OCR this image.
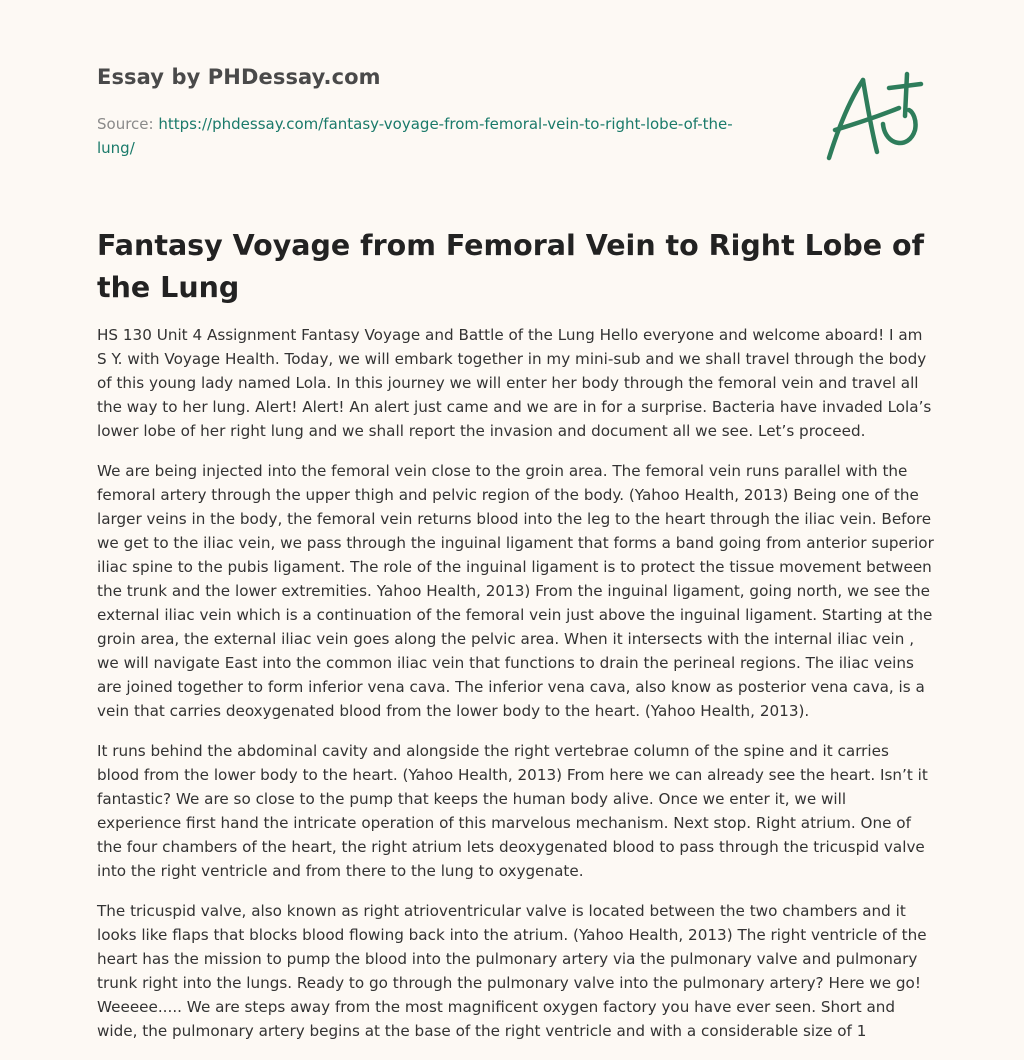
Essay by PHDessay.com
Source: https://phdessay.com/fantasy-voyage-from-femoral-vein-to-right-lobe-of-the-lung/
Fantasy Voyage from Femoral Vein to Right Lobe of the Lung

HS 130 Unit 4 Assignment Fantasy Voyage and Battle of the Lung Hello everyone and welcome aboard! I am S Y. with Voyage Health. Today, we will embark together in my mini-sub and we shall travel through the body of this young lady named Lola. In this journey we will enter her body through the femoral vein and travel all the way to her lung. Alert! Alert! An alert just came and we are in for a surprise. Bacteria have invaded Lola’s lower lobe of her right lung and we shall report the invasion and document all we see. Let’s proceed.

We are being injected into the femoral vein close to the groin area. The femoral vein runs parallel with the femoral artery through the upper thigh and pelvic region of the body. (Yahoo Health, 2013) Being one of the larger veins in the body, the femoral vein returns blood into the leg to the heart through the iliac vein. Before we get to the iliac vein, we pass through the inguinal ligament that forms a band going from anterior superior iliac spine to the pubis ligament. The role of the inguinal ligament is to protect the tissue movement between the trunk and the lower extremities. Yahoo Health, 2013) From the inguinal ligament, going north, we see the external iliac vein which is a continuation of the femoral vein just above the inguinal ligament. Starting at the groin area, the external iliac vein goes along the pelvic area. When it intersects with the internal iliac vein , we will navigate East into the common iliac vein that functions to drain the perineal regions. The iliac veins are joined together to form inferior vena cava. The inferior vena cava, also know as posterior vena cava, is a vein that carries deoxygenated blood from the lower body to the heart. (Yahoo Health, 2013).

It runs behind the abdominal cavity and alongside the right vertebrae column of the spine and it carries blood from the lower body to the heart. (Yahoo Health, 2013) From here we can already see the heart. Isn’t it fantastic? We are so close to the pump that keeps the human body alive. Once we enter it, we will experience first hand the intricate operation of this marvelous mechanism. Next stop. Right atrium. One of the four chambers of the heart, the right atrium lets deoxygenated blood to pass through the tricuspid valve into the right ventricle and from there to the lung to oxygenate.

The tricuspid valve, also known as right atrioventricular valve is located between the two chambers and it looks like flaps that blocks blood flowing back into the atrium. (Yahoo Health, 2013) The right ventricle of the heart has the mission to pump the blood into the pulmonary artery via the pulmonary valve and pulmonary trunk right into the lungs. Ready to go through the pulmonary valve into the pulmonary artery? Here we go! Weeeee..... We are steps away from the most magnificent oxygen factory you have ever seen. Short and wide, the pulmonary artery begins at the base of the right ventricle and with a considerable size of 1
